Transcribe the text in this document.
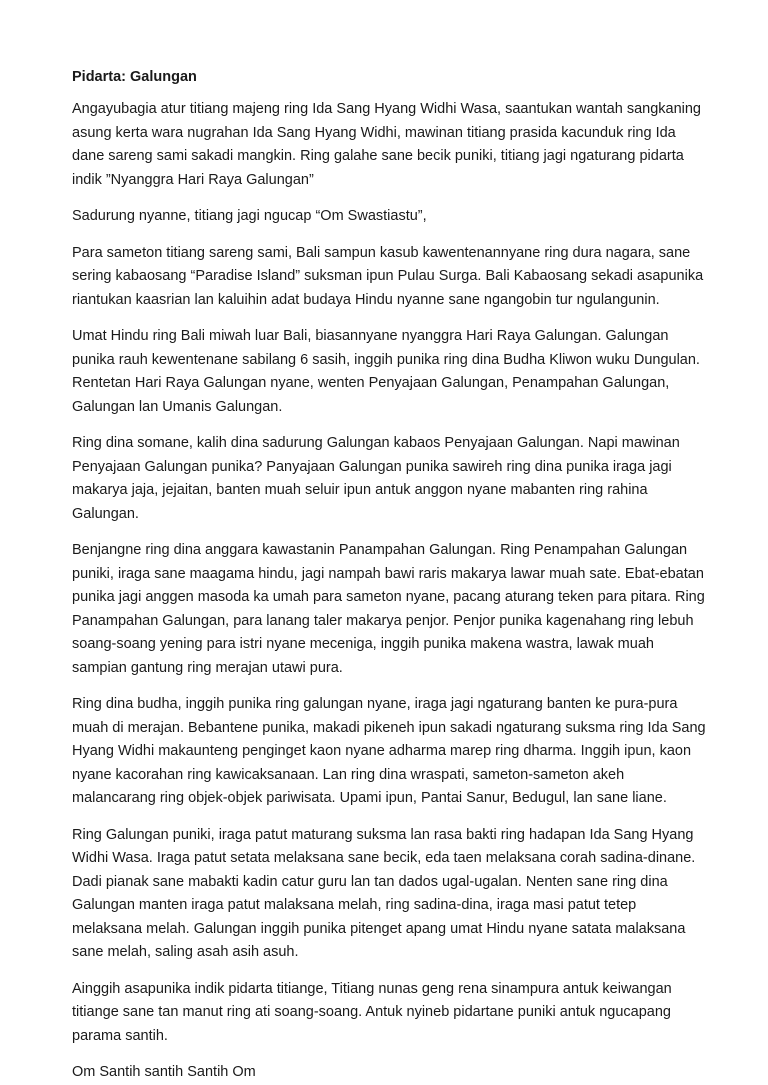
Pidarta: Galungan

Angayubagia atur titiang majeng ring Ida Sang Hyang Widhi Wasa, saantukan wantah sangkaning asung kerta wara nugrahan Ida Sang Hyang Widhi, mawinan titiang prasida kacunduk ring Ida dane sareng sami sakadi mangkin. Ring galahe sane becik puniki, titiang jagi ngaturang pidarta indik ”Nyanggra Hari Raya Galungan”

Sadurung nyanne, titiang jagi ngucap “Om Swastiastu”,

Para sameton titiang sareng sami, Bali sampun kasub kawentenannyane ring dura nagara, sane sering kabaosang “Paradise Island” suksman ipun Pulau Surga. Bali Kabaosang sekadi asapunika riantukan kaasrian lan kaluihin adat budaya Hindu nyanne sane ngangobin tur ngulangunin.

Umat Hindu ring Bali miwah luar Bali, biasannyane nyanggra Hari Raya Galungan. Galungan punika rauh kewentenane sabilang 6 sasih, inggih punika ring dina Budha Kliwon wuku Dungulan. Rentetan Hari Raya Galungan nyane, wenten Penyajaan Galungan, Penampahan Galungan, Galungan lan Umanis Galungan.

Ring dina somane, kalih dina sadurung Galungan kabaos Penyajaan Galungan. Napi mawinan Penyajaan Galungan punika? Panyajaan Galungan punika sawireh ring dina punika iraga jagi makarya jaja, jejaitan, banten muah seluir ipun antuk anggon nyane mabanten ring rahina Galungan.

Benjangne ring dina anggara kawastanin Panampahan Galungan. Ring Penampahan Galungan puniki, iraga sane maagama hindu, jagi nampah bawi raris makarya lawar muah sate. Ebat-ebatan punika jagi anggen masoda ka umah para sameton nyane, pacang aturang teken para pitara. Ring Panampahan Galungan, para lanang taler makarya penjor. Penjor punika kagenahang ring lebuh soang-soang yening para istri nyane meceniga, inggih punika makena wastra, lawak muah sampian gantung ring merajan utawi pura.

Ring dina budha, inggih punika ring galungan nyane, iraga jagi ngaturang banten ke pura-pura muah di merajan. Bebantene punika, makadi pikeneh ipun sakadi ngaturang suksma ring Ida Sang Hyang Widhi makaunteng penginget kaon nyane adharma marep ring dharma. Inggih ipun, kaon nyane kacorahan ring kawicaksanaan. Lan ring dina wraspati, sameton-sameton akeh malancarang ring objek-objek pariwisata. Upami ipun, Pantai Sanur, Bedugul, lan sane liane.

Ring Galungan puniki, iraga patut maturang suksma lan rasa bakti ring hadapan Ida Sang Hyang Widhi Wasa. Iraga patut setata melaksana sane becik, eda taen melaksana corah sadina-dinane. Dadi pianak sane mabakti kadin catur guru lan tan dados ugal-ugalan. Nenten sane ring dina Galungan manten iraga patut malaksana melah, ring sadina-dina, iraga masi patut tetep melaksana melah. Galungan inggih punika pitenget apang umat Hindu nyane satata malaksana sane melah, saling asah asih asuh.

Ainggih asapunika indik pidarta titiange, Titiang nunas geng rena sinampura antuk keiwangan titiange sane tan manut ring ati soang-soang. Antuk nyineb pidartane puniki antuk ngucapang parama santih.

Om Santih santih Santih Om
